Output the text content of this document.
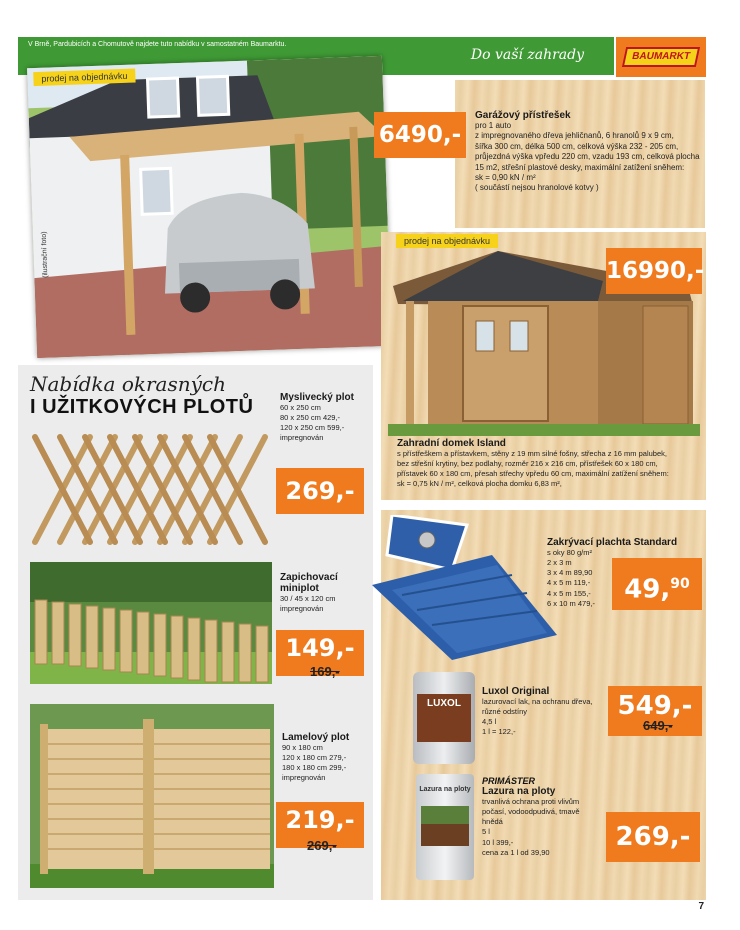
V Brně, Pardubicích a Chomutově najdete tuto nabídku v samostatném Baumarktu.
Do vaší zahrady	BAUMARKT
prodej na objednávku
(ilustrační foto)
6490,-
Garážový přístřešek
pro 1 auto
z impregnovaného dřeva jehličnanů, 6 hranolů 9 x 9 cm,
šířka 300 cm, délka 500 cm, celková výška 232 - 205 cm,
průjezdná výška vpředu 220 cm, vzadu 193 cm, celková plocha
15 m2, střešní plastové desky, maximální zatížení sněhem:
sk = 0,90 kN / m²
( součástí nejsou hranolové kotvy )
prodej na objednávku
16990,-
Zahradní domek Island
s přístřeškem a přístavkem, stěny z 19 mm silné fošny, střecha z 16 mm palubek,
bez střešní krytiny, bez podlahy, rozměr 216 x 216 cm, přístřešek 60 x 180 cm,
přístavek 60 x 180 cm, přesah střechy vpředu 60 cm, maximální zatížení sněhem:
sk = 0,75 kN / m², celková plocha domku 6,83 m²,
Nabídka okrasných
I UŽITKOVÝCH PLOTŮ	Myslivecký plot
60 x 250 cm
80 x 250 cm 429,-
120 x 250 cm 599,-
impregnován
269,-
Zapichovací miniplot
30 / 45 x 120 cm
impregnován
149,-
169,-
Lamelový plot
90 x 180 cm
120 x 180 cm 279,-
180 x 180 cm 299,-
impregnován
219,-
269,-
Zakrývací plachta Standard
s oky 80 g/m²
2 x 3 m
3 x 4 m 89,90
4 x 5 m 119,-
4 x 5 m 155,-
6 x 10 m 479,-	49,90
LUXOL
Luxol Original
lazurovací lak, na ochranu dřeva,
různé odstíny
4,5 l
1 l = 122,-
549,-
649,-
Lazura na ploty
PRIMÁSTER
Lazura na ploty
trvanlivá ochrana proti vlivům
počasí, vodoodpudivá, tmavě
hnědá
5 l
10 l 399,-
cena za 1 l od 39,90
269,-
7
